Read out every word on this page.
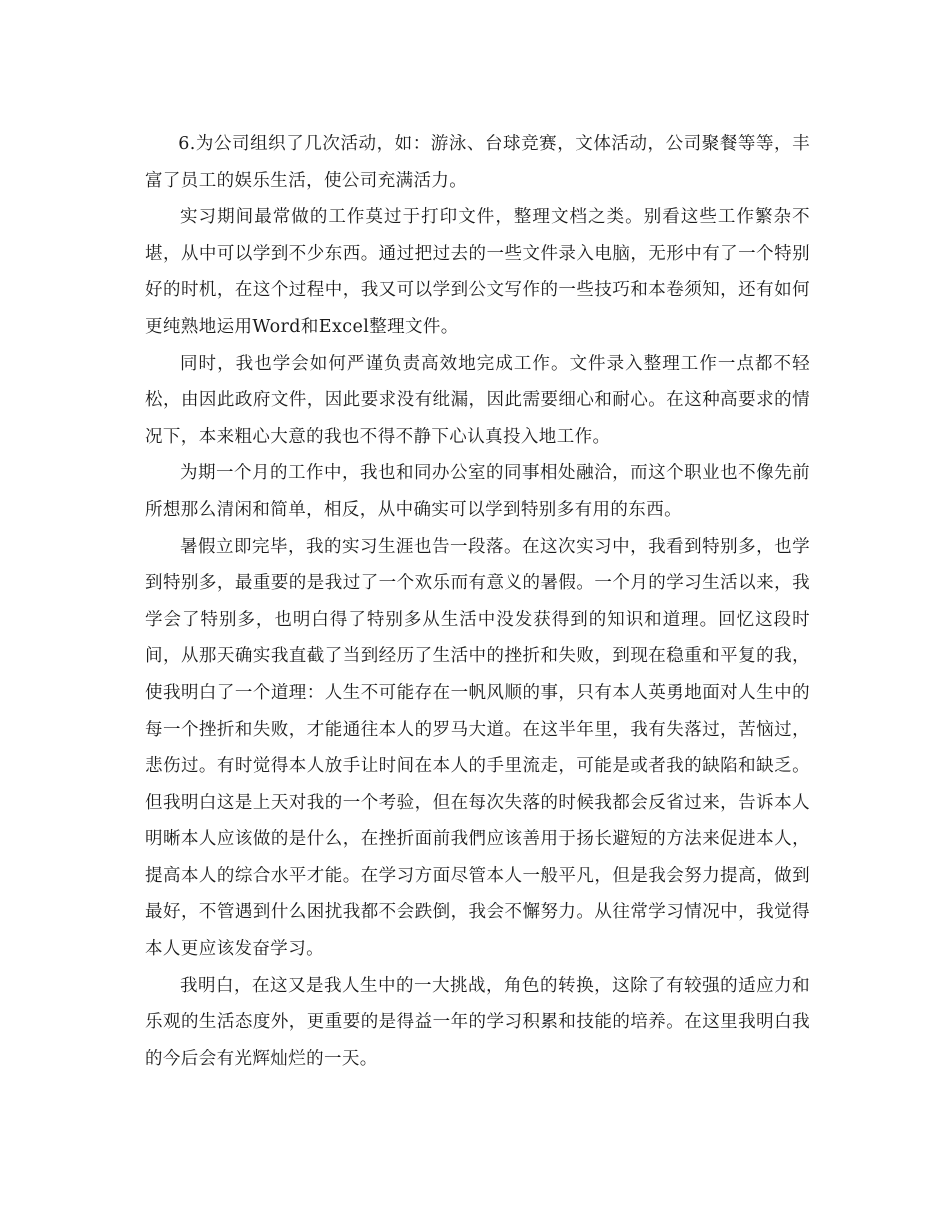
6.为公司组织了几次活动，如：游泳、台球竞赛，文体活动，公司聚餐等等，丰富了员工的娱乐生活，使公司充满活力。

实习期间最常做的工作莫过于打印文件，整理文档之类。别看这些工作繁杂不堪，从中可以学到不少东西。通过把过去的一些文件录入电脑，无形中有了一个特别好的时机，在这个过程中，我又可以学到公文写作的一些技巧和本卷须知，还有如何更纯熟地运用Word和Excel整理文件。

同时，我也学会如何严谨负责高效地完成工作。文件录入整理工作一点都不轻松，由因此政府文件，因此要求没有纰漏，因此需要细心和耐心。在这种高要求的情况下，本来粗心大意的我也不得不静下心认真投入地工作。

为期一个月的工作中，我也和同办公室的同事相处融洽，而这个职业也不像先前所想那么清闲和简单，相反，从中确实可以学到特别多有用的东西。

暑假立即完毕，我的实习生涯也告一段落。在这次实习中，我看到特别多，也学到特别多，最重要的是我过了一个欢乐而有意义的暑假。一个月的学习生活以来，我学会了特别多，也明白得了特别多从生活中没发获得到的知识和道理。回忆这段时间，从那天确实我直截了当到经历了生活中的挫折和失败，到现在稳重和平复的我，使我明白了一个道理：人生不可能存在一帆风顺的事，只有本人英勇地面对人生中的每一个挫折和失败，才能通往本人的罗马大道。在这半年里，我有失落过，苦恼过，悲伤过。有时觉得本人放手让时间在本人的手里流走，可能是或者我的缺陷和缺乏。但我明白这是上天对我的一个考验，但在每次失落的时候我都会反省过来，告诉本人明晰本人应该做的是什么，在挫折面前我們应该善用于扬长避短的方法来促进本人，提高本人的综合水平才能。在学习方面尽管本人一般平凡，但是我会努力提高，做到最好，不管遇到什么困扰我都不会跌倒，我会不懈努力。从往常学习情况中，我觉得本人更应该发奋学习。

我明白，在这又是我人生中的一大挑战，角色的转换，这除了有较强的适应力和乐观的生活态度外，更重要的是得益一年的学习积累和技能的培养。在这里我明白我的今后会有光辉灿烂的一天。
